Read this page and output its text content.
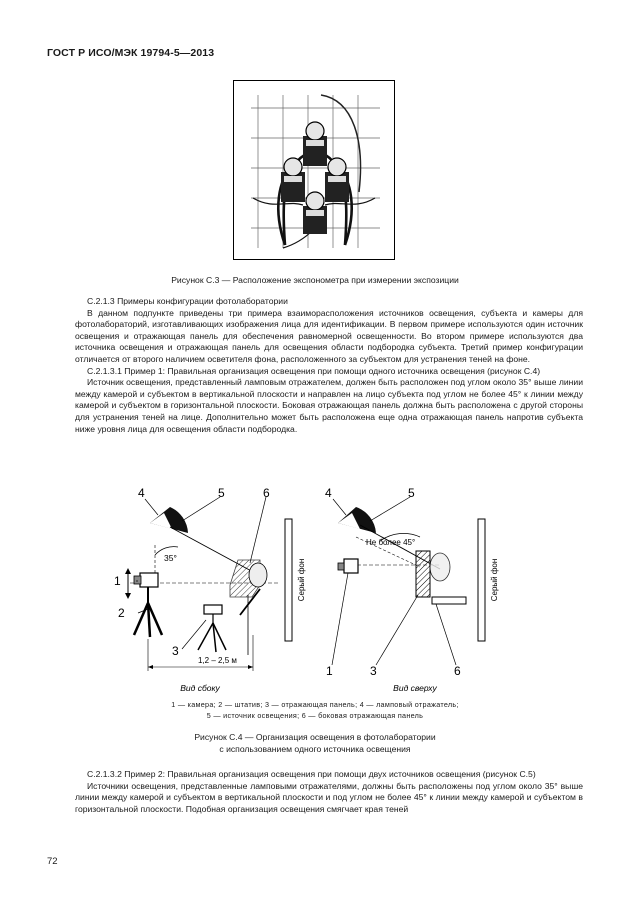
ГОСТ Р ИСО/МЭК 19794-5—2013
Рисунок С.3 — Расположение экспонометра при измерении экспозиции

C.2.1.3 Примеры конфигурации фотолаборатории

В данном подпункте приведены три примера взаиморасположения источников освещения, субъекта и камеры для фотолабораторий, изготавливающих изображения лица для идентификации. В первом примере используются один источник освещения и отражающая панель для обеспечения равномерной освещенности. Во втором примере используются два источника освещения и отражающая панель для освещения области подбородка субъекта. Третий пример конфигурации отличается от второго наличием осветителя фона, расположенного за субъектом для устранения теней на фоне.

C.2.1.3.1 Пример 1: Правильная организация освещения при помощи одного источника освещения (рисунок С.4)

Источник освещения, представленный ламповым отражателем, должен быть расположен под углом около 35° выше линии между камерой и субъектом в вертикальной плоскости и направлен на лицо субъекта под углом не более 45° к линии между камерой и субъектом в горизонтальной плоскости. Боковая отражающая панель должна быть расположена с другой стороны для устранения теней на лице. Дополнительно может быть расположена еще одна отражающая панель напротив субъекта ниже уровня лица для освещения области подбородка.

35°
1,2 – 2,5 м
Серый фон
4	5	6
1
2
3
Вид сбоку
Не более 45°
Серый фон
4	5
1	3	6
Вид сверху
1 — камера; 2 — штатив; 3 — отражающая панель; 4 — ламповый отражатель;
5 — источник освещения; 6 — боковая отражающая панель
Рисунок С.4 — Организация освещения в фотолаборатории
с использованием одного источника освещения

C.2.1.3.2 Пример 2: Правильная организация освещения при помощи двух источников освещения (рисунок С.5)

Источники освещения, представленные ламповыми отражателями, должны быть расположены под углом около 35° выше линии между камерой и субъектом в вертикальной плоскости и под углом не более 45° к линии между камерой и субъектом в горизонтальной плоскости. Подобная организация освещения смягчает края теней

72
